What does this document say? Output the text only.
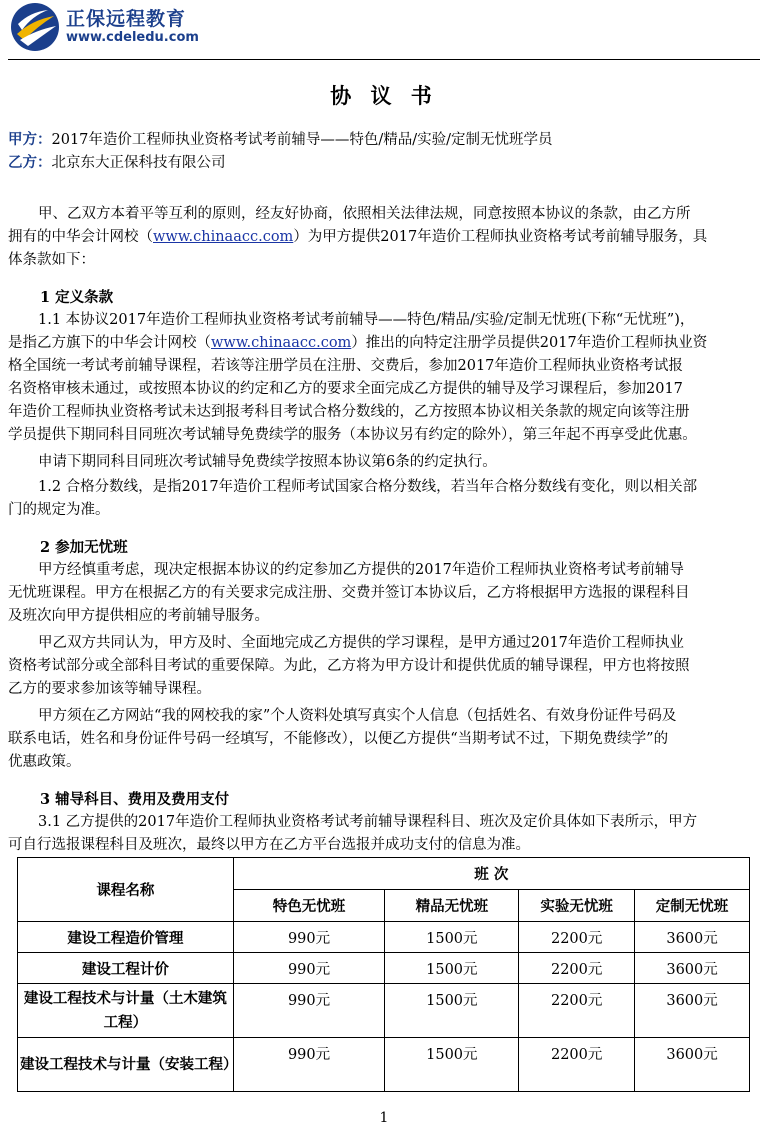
正保远程教育
www.cdeledu.com
协 议 书
甲方：2017年造价工程师执业资格考试考前辅导——特色/精品/实验/定制无忧班学员
乙方：北京东大正保科技有限公司
甲、乙双方本着平等互利的原则，经友好协商，依照相关法律法规，同意按照本协议的条款，由乙方所
拥有的中华会计网校（www.chinaacc.com）为甲方提供2017年造价工程师执业资格考试考前辅导服务，具
体条款如下：
1 定义条款
1.1 本协议2017年造价工程师执业资格考试考前辅导——特色/精品/实验/定制无忧班(下称“无忧班”)，
是指乙方旗下的中华会计网校（www.chinaacc.com）推出的向特定注册学员提供2017年造价工程师执业资
格全国统一考试考前辅导课程，若该等注册学员在注册、交费后，参加2017年造价工程师执业资格考试报
名资格审核未通过，或按照本协议的约定和乙方的要求全面完成乙方提供的辅导及学习课程后，参加2017
年造价工程师执业资格考试未达到报考科目考试合格分数线的，乙方按照本协议相关条款的规定向该等注册
学员提供下期同科目同班次考试辅导免费续学的服务（本协议另有约定的除外），第三年起不再享受此优惠。
申请下期同科目同班次考试辅导免费续学按照本协议第6条的约定执行。
1.2 合格分数线，是指2017年造价工程师考试国家合格分数线，若当年合格分数线有变化，则以相关部
门的规定为准。
2 参加无忧班
甲方经慎重考虑，现决定根据本协议的约定参加乙方提供的2017年造价工程师执业资格考试考前辅导
无忧班课程。甲方在根据乙方的有关要求完成注册、交费并签订本协议后，乙方将根据甲方选报的课程科目
及班次向甲方提供相应的考前辅导服务。
甲乙双方共同认为，甲方及时、全面地完成乙方提供的学习课程，是甲方通过2017年造价工程师执业
资格考试部分或全部科目考试的重要保障。为此，乙方将为甲方设计和提供优质的辅导课程，甲方也将按照
乙方的要求参加该等辅导课程。
甲方须在乙方网站“我的网校我的家”个人资料处填写真实个人信息（包括姓名、有效身份证件号码及
联系电话，姓名和身份证件号码一经填写，不能修改），以便乙方提供“当期考试不过，下期免费续学”的
优惠政策。
3 辅导科目、费用及费用支付
3.1 乙方提供的2017年造价工程师执业资格考试考前辅导课程科目、班次及定价具体如下表所示，甲方
可自行选报课程科目及班次，最终以甲方在乙方平台选报并成功支付的信息为准。
课程名称	班 次			
	特色无忧班	精品无忧班	实验无忧班	定制无忧班
建设工程造价管理	990元	1500元	2200元	3600元
建设工程计价	990元	1500元	2200元	3600元
建设工程技术与计量（土木建筑工程）	990元	1500元	2200元	3600元
建设工程技术与计量（安装工程）	990元	1500元	2200元	3600元
1
